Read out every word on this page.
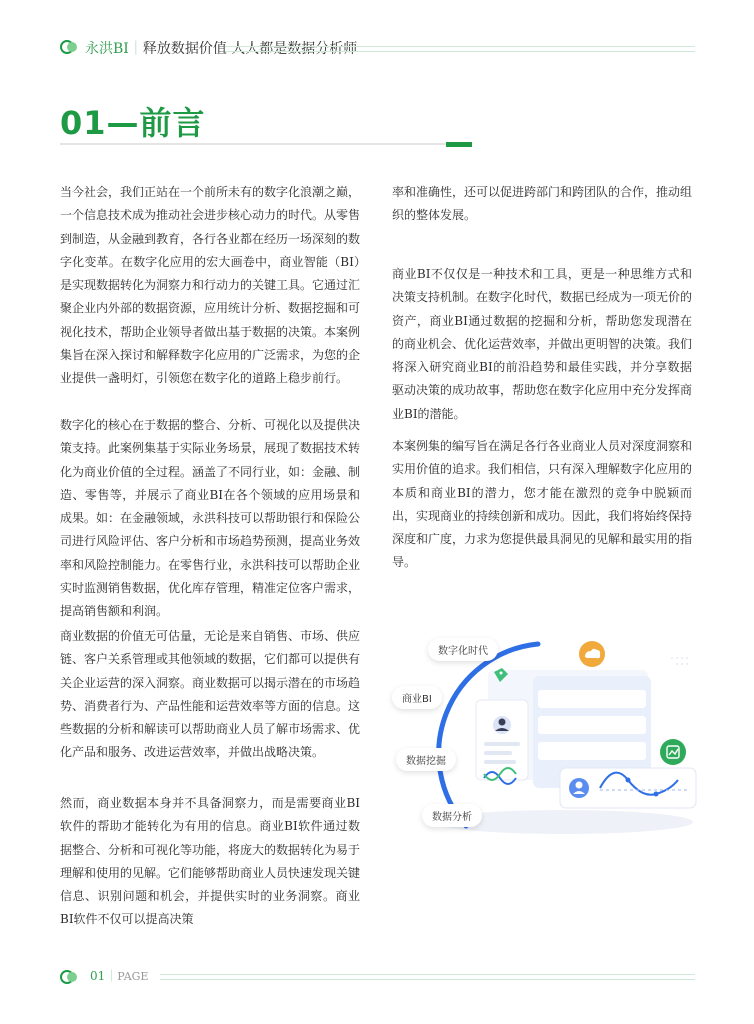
永洪BI｜释放数据价值 人人都是数据分析师
01—前言
当今社会，我们正站在一个前所未有的数字化浪潮之巅，一个信息技术成为推动社会进步核心动力的时代。从零售到制造，从金融到教育，各行各业都在经历一场深刻的数字化变革。在数字化应用的宏大画卷中，商业智能（BI）是实现数据转化为洞察力和行动力的关键工具。它通过汇聚企业内外部的数据资源，应用统计分析、数据挖掘和可视化技术，帮助企业领导者做出基于数据的决策。本案例集旨在深入探讨和解释数字化应用的广泛需求，为您的企业提供一盏明灯，引领您在数字化的道路上稳步前行。
数字化的核心在于数据的整合、分析、可视化以及提供决策支持。此案例集基于实际业务场景，展现了数据技术转化为商业价值的全过程。涵盖了不同行业，如：金融、制造、零售等，并展示了商业BI在各个领域的应用场景和成果。如：在金融领域，永洪科技可以帮助银行和保险公司进行风险评估、客户分析和市场趋势预测，提高业务效率和风险控制能力。在零售行业，永洪科技可以帮助企业实时监测销售数据，优化库存管理，精准定位客户需求，提高销售额和利润。
商业数据的价值无可估量，无论是来自销售、市场、供应链、客户关系管理或其他领域的数据，它们都可以提供有关企业运营的深入洞察。商业数据可以揭示潜在的市场趋势、消费者行为、产品性能和运营效率等方面的信息。这些数据的分析和解读可以帮助商业人员了解市场需求、优化产品和服务、改进运营效率，并做出战略决策。
然而，商业数据本身并不具备洞察力，而是需要商业BI软件的帮助才能转化为有用的信息。商业BI软件通过数据整合、分析和可视化等功能，将庞大的数据转化为易于理解和使用的见解。它们能够帮助商业人员快速发现关键信息、识别问题和机会，并提供实时的业务洞察。商业BI软件不仅可以提高决策
率和准确性，还可以促进跨部门和跨团队的合作，推动组织的整体发展。
商业BI不仅仅是一种技术和工具，更是一种思维方式和决策支持机制。在数字化时代，数据已经成为一项无价的资产，商业BI通过数据的挖掘和分析，帮助您发现潜在的商业机会、优化运营效率，并做出更明智的决策。我们将深入研究商业BI的前沿趋势和最佳实践，并分享数据驱动决策的成功故事，帮助您在数字化应用中充分发挥商业BI的潜能。
本案例集的编写旨在满足各行各业商业人员对深度洞察和实用价值的追求。我们相信，只有深入理解数字化应用的本质和商业BI的潜力，您才能在激烈的竞争中脱颖而出，实现商业的持续创新和成功。因此，我们将始终保持深度和广度，力求为您提供最具洞见的见解和最实用的指导。
数字化时代
商业BI
数据挖掘
数据分析
01｜PAGE
